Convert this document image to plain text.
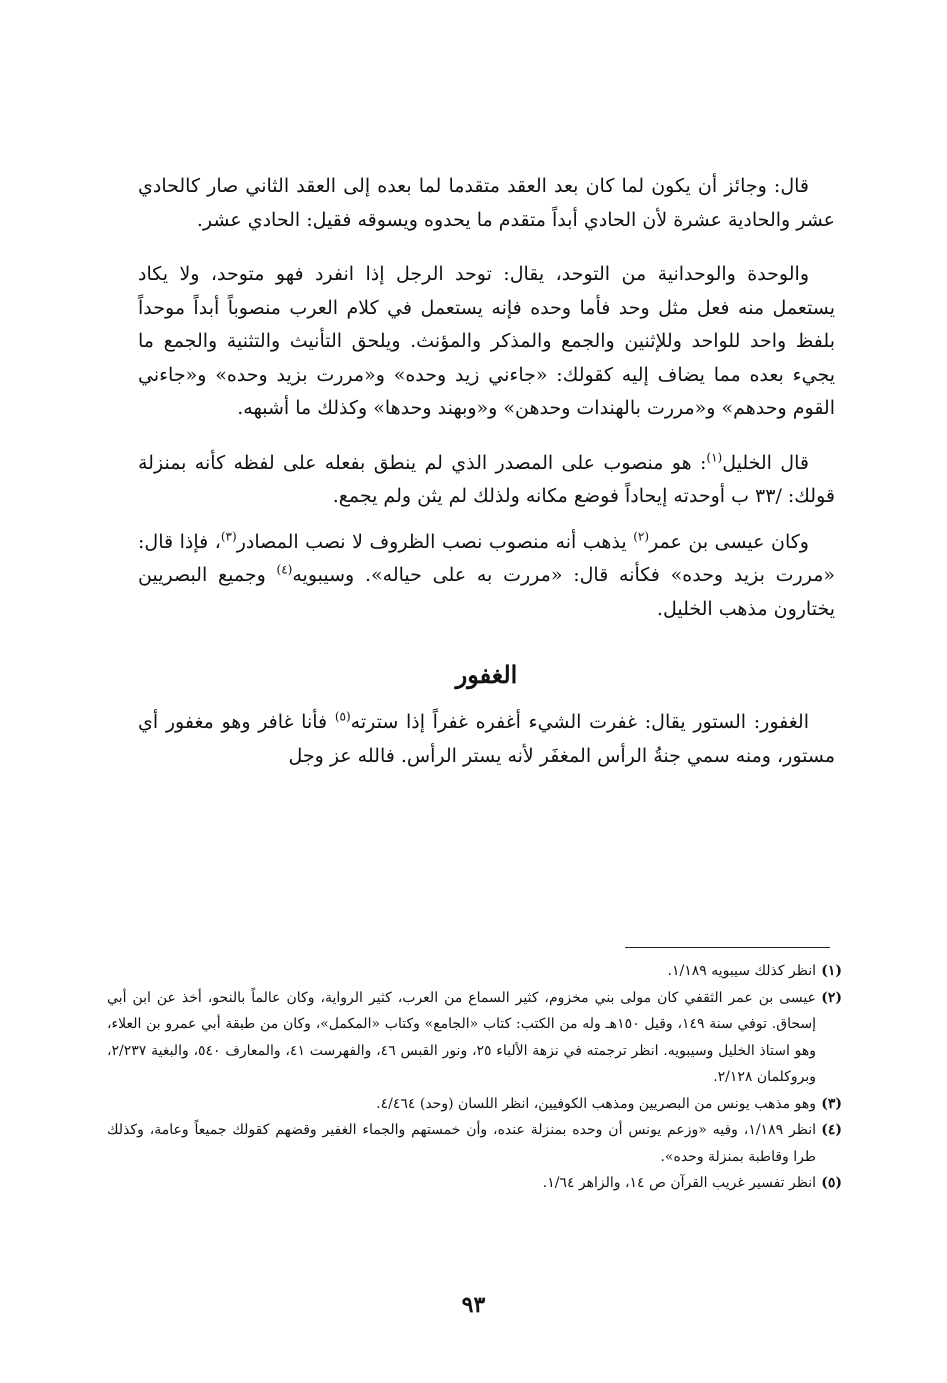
قال: وجائز أن يكون لما كان بعد العقد متقدما لما بعده إلى العقد الثاني صار كالحادي عشر والحادية عشرة لأن الحادي أبداً متقدم ما يحدوه ويسوقه فقيل: الحادي عشر.

والوحدة والوحدانية من التوحد، يقال: توحد الرجل إذا انفرد فهو متوحد، ولا يكاد يستعمل منه فعل مثل وحد فأما وحده فإنه يستعمل في كلام العرب منصوباً أبداً موحداً بلفظ واحد للواحد وللإثنين والجمع والمذكر والمؤنث. ويلحق التأنيث والتثنية والجمع ما يجيء بعده مما يضاف إليه كقولك: «جاءني زيد وحده» و«مررت بزيد وحده» و«جاءني القوم وحدهم» و«مررت بالهندات وحدهن» و«وبهند وحدها» وكذلك ما أشبهه.

قال الخليل$^{(١)}$: هو منصوب على المصدر الذي لم ينطق بفعله على لفظه كأنه بمنزلة قولك: /٣٣ ب أوحدته إيحاداً فوضع مكانه ولذلك لم يثن ولم يجمع.

وكان عيسى بن عمر$^{(٢)}$ يذهب أنه منصوب نصب الظروف لا نصب المصادر$^{(٣)}$، فإذا قال: «مررت بزيد وحده» فكأنه قال: «مررت به على حياله». وسيبويه$^{(٤)}$ وجميع البصريين يختارون مذهب الخليل.

الغفور

الغفور: الستور يقال: غفرت الشيء أغفره غفراً إذا سترته$^{(٥)}$ فأنا غافر وهو مغفور أي مستور، ومنه سمي جنةُ الرأس المغفَر لأنه يستر الرأس. فالله عز وجل

(١)
انظر كذلك سيبويه ١/١٨٩.

(٢)
عيسى بن عمر الثقفي كان مولى بني مخزوم، كثير السماع من العرب، كثير الرواية، وكان عالماً بالنحو، أخذ عن ابن أبي إسحاق. توفي سنة ١٤٩، وقيل ١٥٠هـ وله من الكتب: كتاب «الجامع» وكتاب «المكمل»، وكان من طبقة أبي عمرو بن العلاء، وهو استاذ الخليل وسيبويه. انظر ترجمته في نزهة الألباء ٢٥، ونور القبس ٤٦، والفهرست ٤١، والمعارف ٥٤٠، والبغية ٢/٢٣٧، وبروكلمان ٢/١٢٨.

(٣)
وهو مذهب يونس من البصريين ومذهب الكوفيين، انظر اللسان (وحد) ٤/٤٦٤.

(٤)
انظر ١/١٨٩، وفيه «وزعم يونس أن وحده بمنزلة عنده، وأن خمستهم والجماء الغفير وقضهم كقولك جميعاً وعامة، وكذلك طرا وقاطبة بمنزلة وحده».

(٥)
انظر تفسير غريب القرآن ص ١٤، والزاهر ١/٦٤.

٩٣
